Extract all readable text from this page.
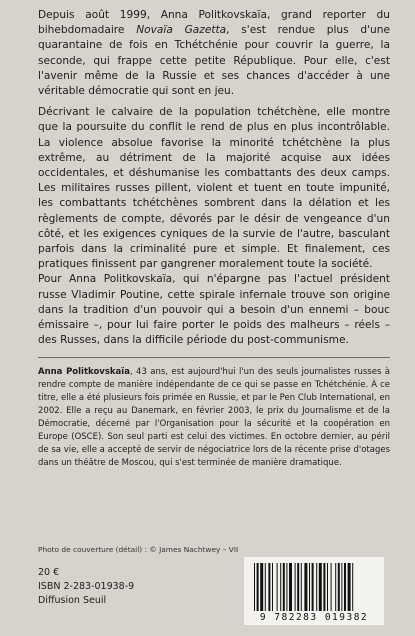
Depuis août 1999, Anna Politkovskaïa, grand reporter du bihebdomadaire Novaïa Gazetta, s'est rendue plus d'une quarantaine de fois en Tchétchénie pour couvrir la guerre, la seconde, qui frappe cette petite République. Pour elle, c'est l'avenir même de la Russie et ses chances d'accéder à une véritable démocratie qui sont en jeu.

Décrivant le calvaire de la population tchétchène, elle montre que la poursuite du conflit le rend de plus en plus incontrôlable. La violence absolue favorise la minorité tchétchène la plus extrême, au détriment de la majorité acquise aux idées occidentales, et déshumanise les combattants des deux camps. Les militaires russes pillent, violent et tuent en toute impunité, les combattants tchétchènes sombrent dans la délation et les règlements de compte, dévorés par le désir de vengeance d'un côté, et les exigences cyniques de la survie de l'autre, basculant parfois dans la criminalité pure et simple. Et finalement, ces pratiques finissent par gangrener moralement toute la société.

Pour Anna Politkovskaïa, qui n'épargne pas l'actuel président russe Vladimir Poutine, cette spirale infernale trouve son origine dans la tradition d'un pouvoir qui a besoin d'un ennemi – bouc émissaire –, pour lui faire porter le poids des malheurs – réels – des Russes, dans la difficile période du post-communisme.

Anna Politkovskaïa, 43 ans, est aujourd'hui l'un des seuls journalistes russes à rendre compte de manière indépendante de ce qui se passe en Tchétchénie. À ce titre, elle a été plusieurs fois primée en Russie, et par le Pen Club International, en 2002. Elle a reçu au Danemark, en février 2003, le prix du Journalisme et de la Démocratie, décerné par l'Organisation pour la sécurité et la coopération en Europe (OSCE). Son seul parti est celui des victimes. En octobre dernier, au péril de sa vie, elle a accepté de servir de négociatrice lors de la récente prise d'otages dans un théâtre de Moscou, qui s'est terminée de manière dramatique.

Photo de couverture (détail) : © James Nachtwey – VII
20 €
ISBN 2-283-01938-9
Diffusion Seuil
9 782283 019382
